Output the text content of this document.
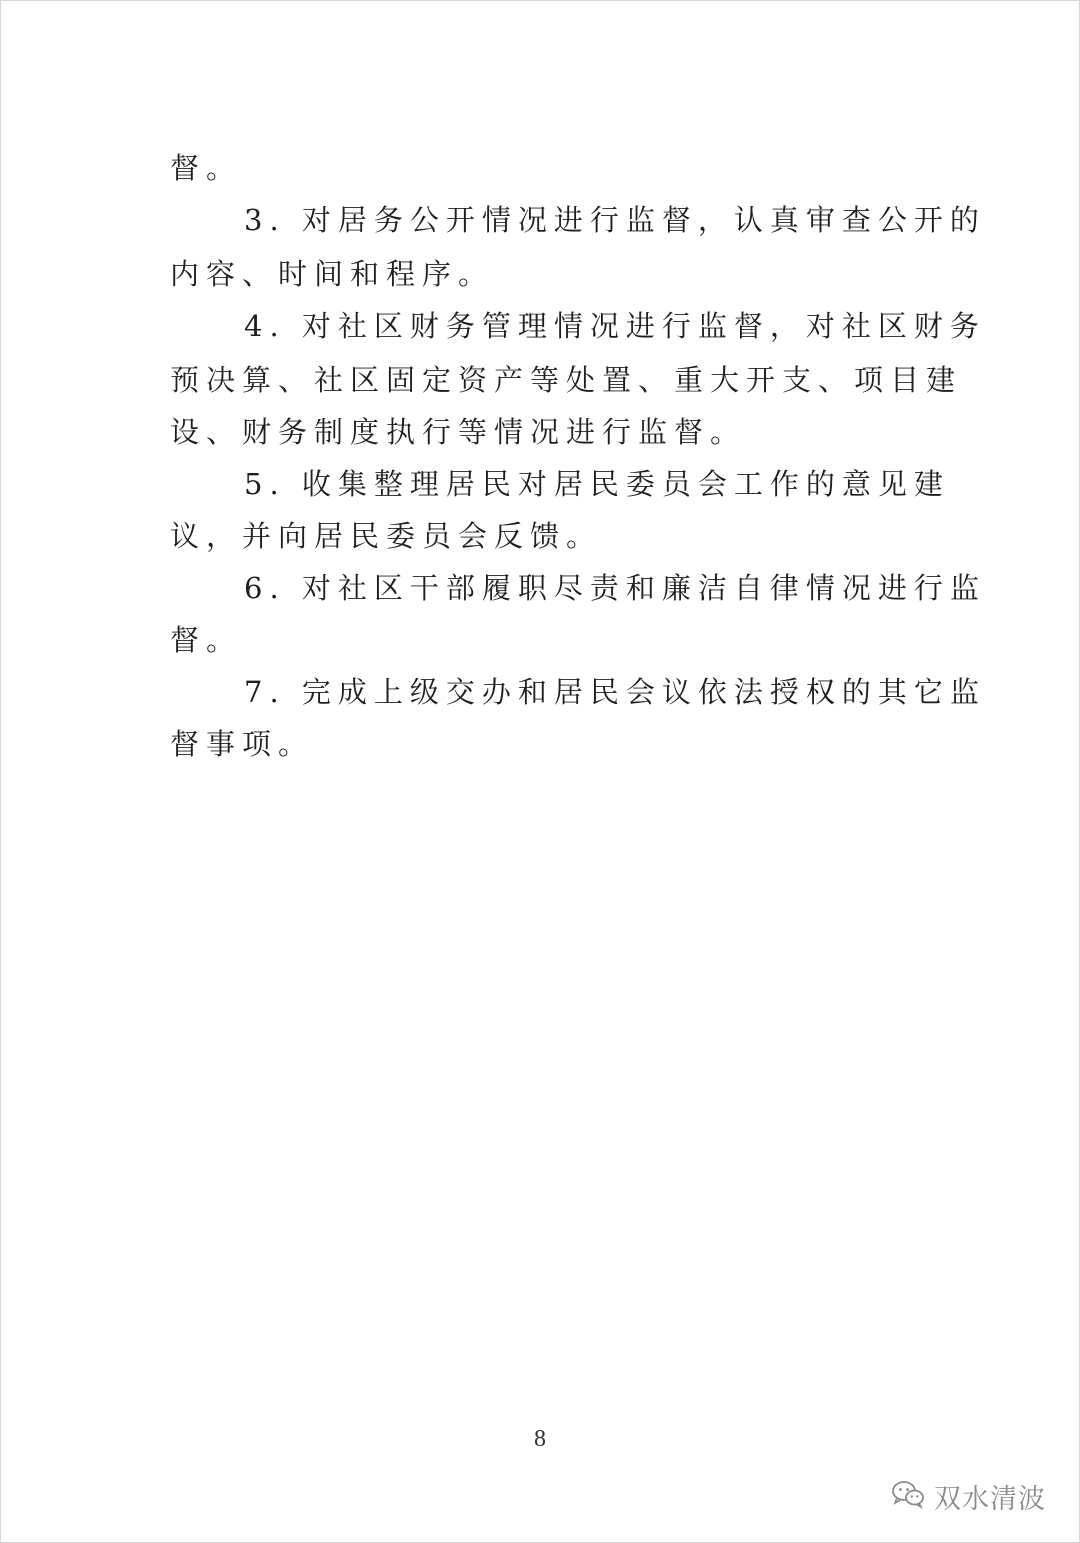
督。
3. 对居务公开情况进行监督，认真审查公开的
内容、时间和程序。
4. 对社区财务管理情况进行监督，对社区财务
预决算、社区固定资产等处置、重大开支、项目建
设、财务制度执行等情况进行监督。
5. 收集整理居民对居民委员会工作的意见建
议，并向居民委员会反馈。
6. 对社区干部履职尽责和廉洁自律情况进行监
督。
7. 完成上级交办和居民会议依法授权的其它监
督事项。
8
双水清波
